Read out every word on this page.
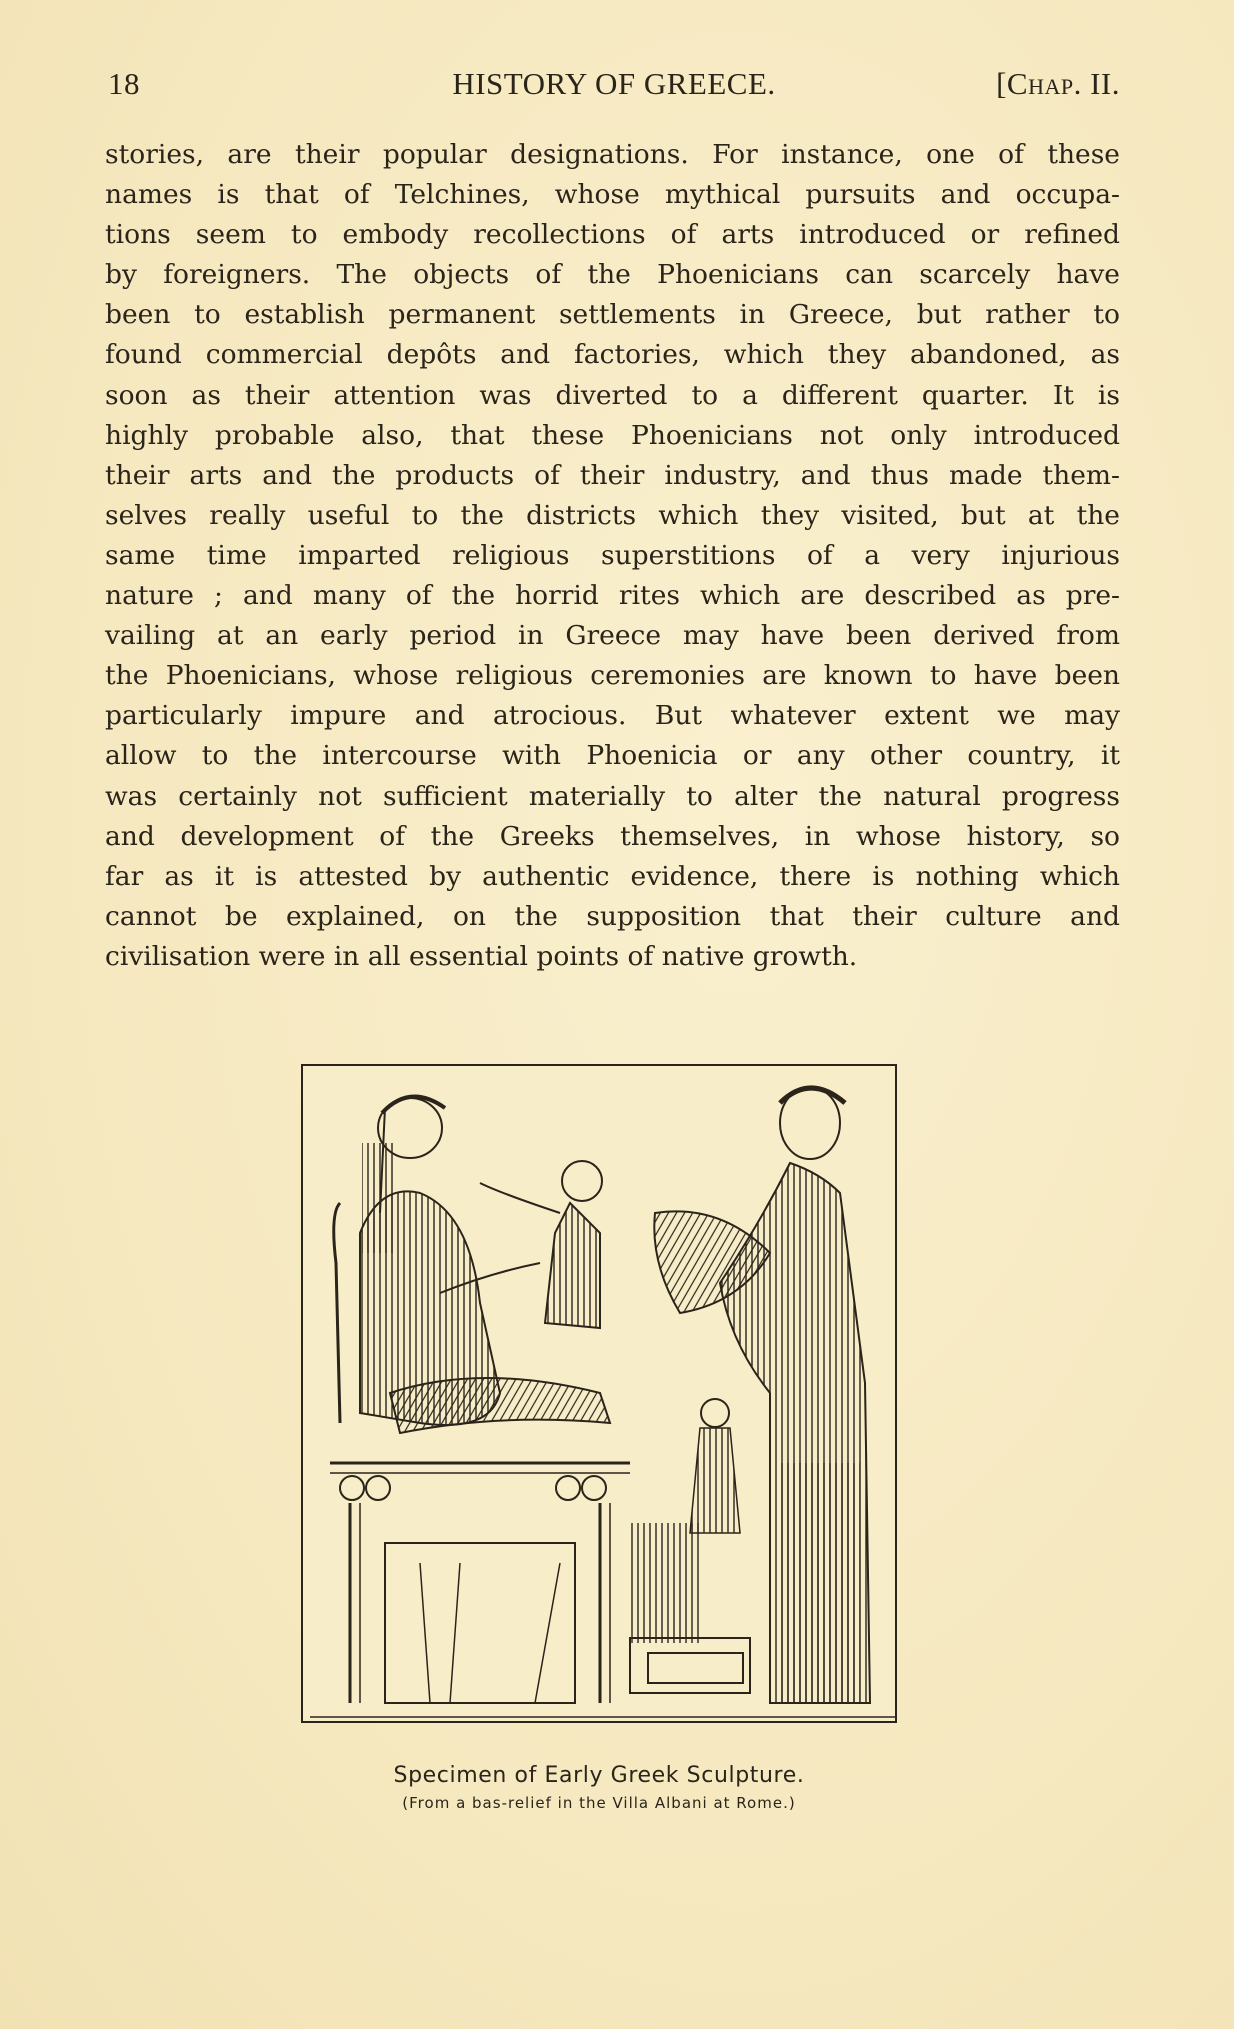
18	HISTORY OF GREECE.	[Chap. II.
stories, are their popular designations. For instance, one of these
names is that of Telchines, whose mythical pursuits and occupa-
tions seem to embody recollections of arts introduced or refined
by foreigners. The objects of the Phoenicians can scarcely have
been to establish permanent settlements in Greece, but rather to
found commercial depôts and factories, which they abandoned, as
soon as their attention was diverted to a different quarter. It is
highly probable also, that these Phoenicians not only introduced
their arts and the products of their industry, and thus made them-
selves really useful to the districts which they visited, but at the
same time imparted religious superstitions of a very injurious
nature ; and many of the horrid rites which are described as pre-
vailing at an early period in Greece may have been derived from
the Phoenicians, whose religious ceremonies are known to have been
particularly impure and atrocious. But whatever extent we may
allow to the intercourse with Phoenicia or any other country, it
was certainly not sufficient materially to alter the natural progress
and development of the Greeks themselves, in whose history, so
far as it is attested by authentic evidence, there is nothing which
cannot be explained, on the supposition that their culture and
civilisation were in all essential points of native growth.
Specimen of Early Greek Sculpture.
(From a bas-relief in the Villa Albani at Rome.)
